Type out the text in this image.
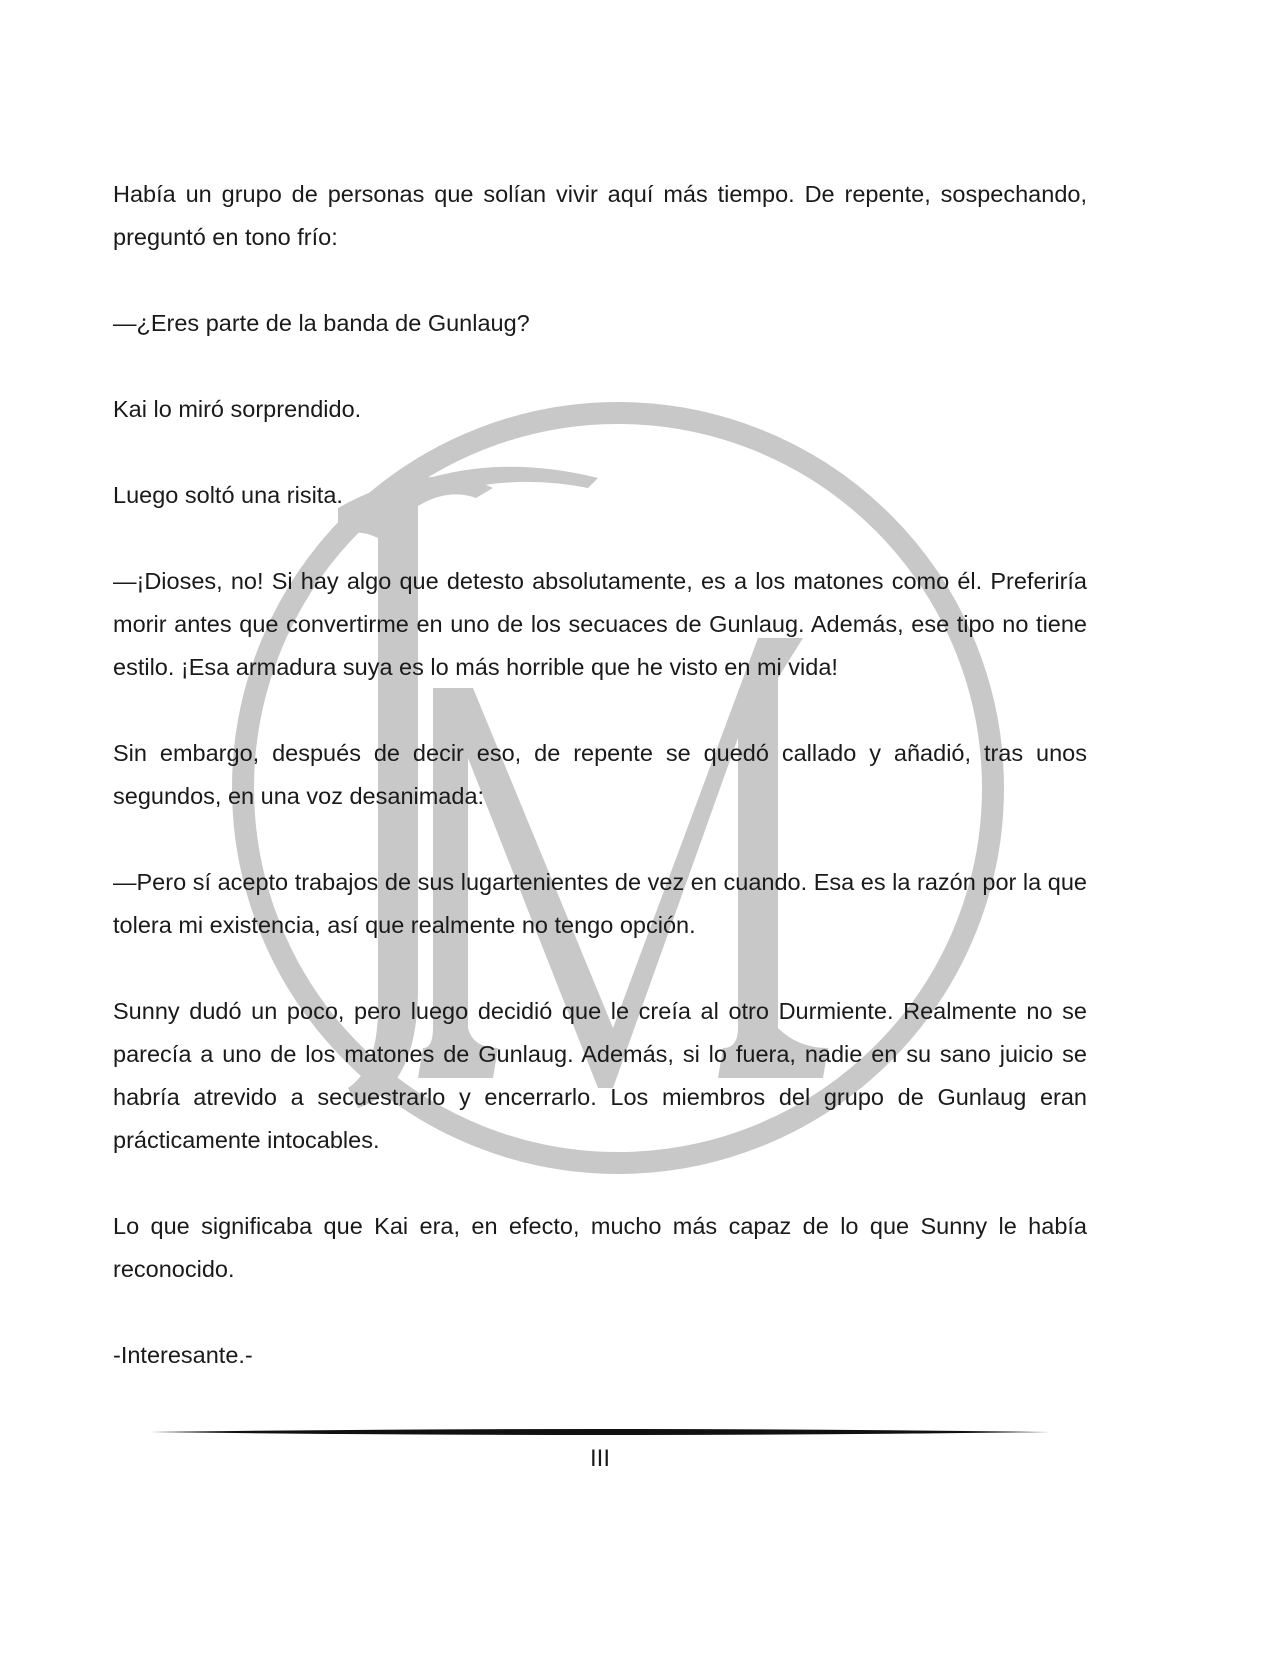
Había un grupo de personas que solían vivir aquí más tiempo. De repente, sospechando, preguntó en tono frío:

—¿Eres parte de la banda de Gunlaug?

Kai lo miró sorprendido.

Luego soltó una risita.

—¡Dioses, no! Si hay algo que detesto absolutamente, es a los matones como él. Preferiría morir antes que convertirme en uno de los secuaces de Gunlaug. Además, ese tipo no tiene estilo. ¡Esa armadura suya es lo más horrible que he visto en mi vida!

Sin embargo, después de decir eso, de repente se quedó callado y añadió, tras unos segundos, en una voz desanimada:

—Pero sí acepto trabajos de sus lugartenientes de vez en cuando. Esa es la razón por la que tolera mi existencia, así que realmente no tengo opción.

Sunny dudó un poco, pero luego decidió que le creía al otro Durmiente. Realmente no se parecía a uno de los matones de Gunlaug. Además, si lo fuera, nadie en su sano juicio se habría atrevido a secuestrarlo y encerrarlo. Los miembros del grupo de Gunlaug eran prácticamente intocables.

Lo que significaba que Kai era, en efecto, mucho más capaz de lo que Sunny le había reconocido.

-Interesante.-

III
